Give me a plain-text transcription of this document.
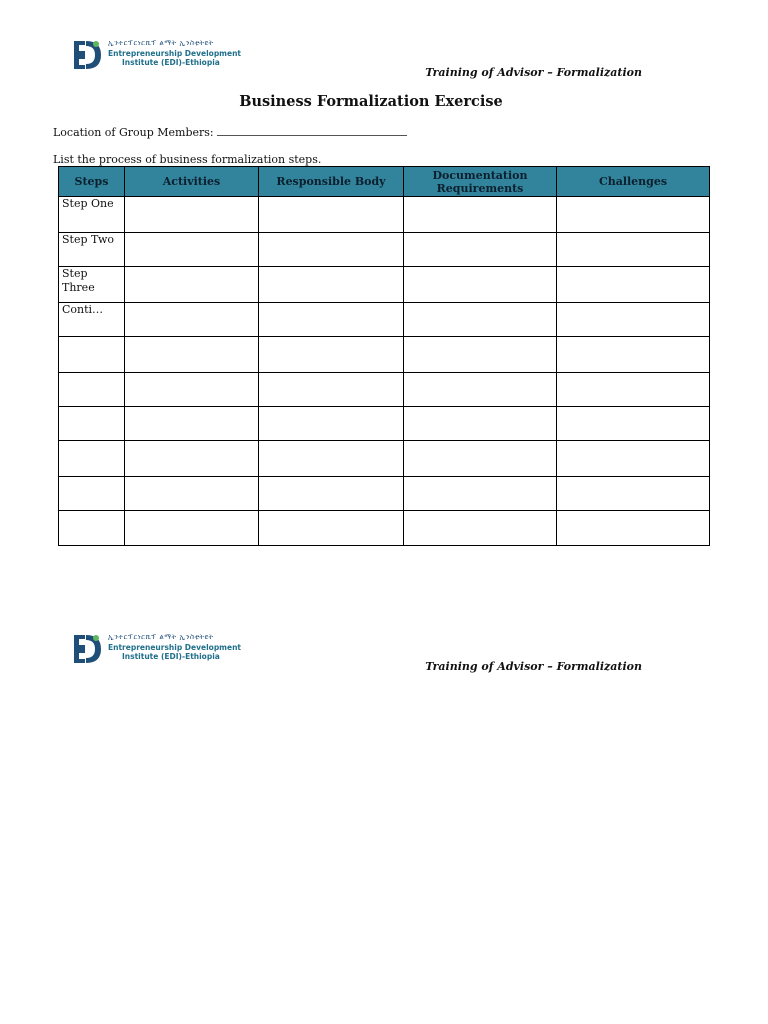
ኢንተርፕርነርሺፕ ልማት ኢንስቲትዩት
Entrepreneurship Development
Institute (EDI)-Ethiopia
Training of Advisor – Formalization
Business Formalization Exercise
Location of Group Members:
List the process of business formalization steps.
Steps	Activities	Responsible Body	Documentation Requirements	Challenges
Step One				
Step Two				
Step Three				
Conti…				

ኢንተርፕርነርሺፕ ልማት ኢንስቲትዩት
Entrepreneurship Development
Institute (EDI)-Ethiopia
Training of Advisor – Formalization
